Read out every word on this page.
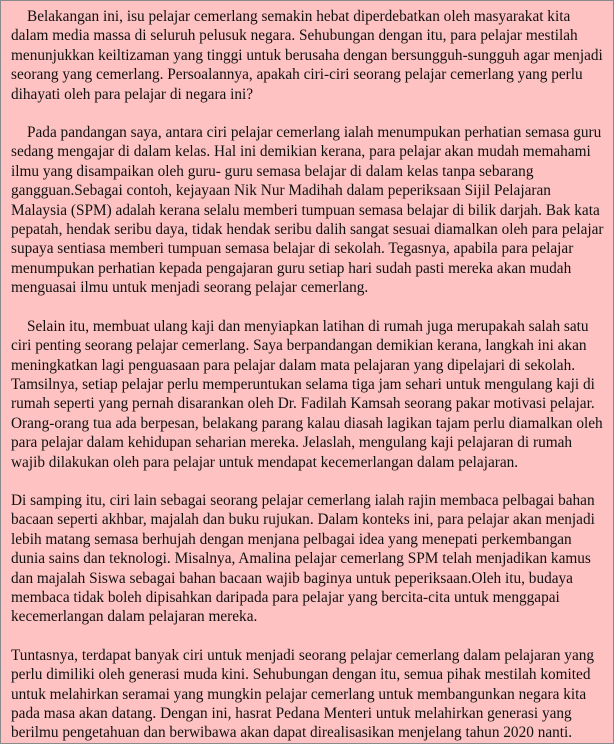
Belakangan ini, isu pelajar cemerlang semakin hebat diperdebatkan oleh masyarakat kita dalam media massa di seluruh pelusuk negara. Sehubungan dengan itu, para pelajar mestilah menunjukkan keiltizaman yang tinggi untuk berusaha dengan bersungguh-sungguh agar menjadi seorang yang cemerlang. Persoalannya, apakah ciri-ciri seorang pelajar cemerlang yang perlu dihayati oleh para pelajar di negara ini?

Pada pandangan saya, antara ciri pelajar cemerlang ialah menumpukan perhatian semasa guru sedang mengajar di dalam kelas. Hal ini demikian kerana, para pelajar akan mudah memahami ilmu yang disampaikan oleh guru- guru semasa belajar di dalam kelas tanpa sebarang gangguan.Sebagai contoh, kejayaan Nik Nur Madihah dalam peperiksaan Sijil Pelajaran Malaysia (SPM) adalah kerana selalu memberi tumpuan semasa belajar di bilik darjah. Bak kata pepatah, hendak seribu daya, tidak hendak seribu dalih sangat sesuai diamalkan oleh para pelajar supaya sentiasa memberi tumpuan semasa belajar di sekolah. Tegasnya, apabila para pelajar menumpukan perhatian kepada pengajaran guru setiap hari sudah pasti mereka akan mudah menguasai ilmu untuk menjadi seorang pelajar cemerlang.

Selain itu, membuat ulang kaji dan menyiapkan latihan di rumah juga merupakah salah satu ciri penting seorang pelajar cemerlang. Saya berpandangan demikian kerana, langkah ini akan meningkatkan lagi penguasaan para pelajar dalam mata pelajaran yang dipelajari di sekolah. Tamsilnya, setiap pelajar perlu memperuntukan selama tiga jam sehari untuk mengulang kaji di rumah seperti yang pernah disarankan oleh Dr. Fadilah Kamsah seorang pakar motivasi pelajar. Orang-orang tua ada berpesan, belakang parang kalau diasah lagikan tajam perlu diamalkan oleh para pelajar dalam kehidupan seharian mereka. Jelaslah, mengulang kaji pelajaran di rumah wajib dilakukan oleh para pelajar untuk mendapat kecemerlangan dalam pelajaran.

Di samping itu, ciri lain sebagai seorang pelajar cemerlang ialah rajin membaca pelbagai bahan bacaan seperti akhbar, majalah dan buku rujukan. Dalam konteks ini, para pelajar akan menjadi lebih matang semasa berhujah dengan menjana pelbagai idea yang menepati perkembangan dunia sains dan teknologi. Misalnya, Amalina pelajar cemerlang SPM telah menjadikan kamus dan majalah Siswa sebagai bahan bacaan wajib baginya untuk peperiksaan.Oleh itu, budaya membaca tidak boleh dipisahkan daripada para pelajar yang bercita-cita untuk menggapai kecemerlangan dalam pelajaran mereka.

Tuntasnya, terdapat banyak ciri untuk menjadi seorang pelajar cemerlang dalam pelajaran yang perlu dimiliki oleh generasi muda kini. Sehubungan dengan itu, semua pihak mestilah komited untuk melahirkan seramai yang mungkin pelajar cemerlang untuk membangunkan negara kita pada masa akan datang. Dengan ini, hasrat Pedana Menteri untuk melahirkan generasi yang berilmu pengetahuan dan berwibawa akan dapat direalisasikan menjelang tahun 2020 nanti.
